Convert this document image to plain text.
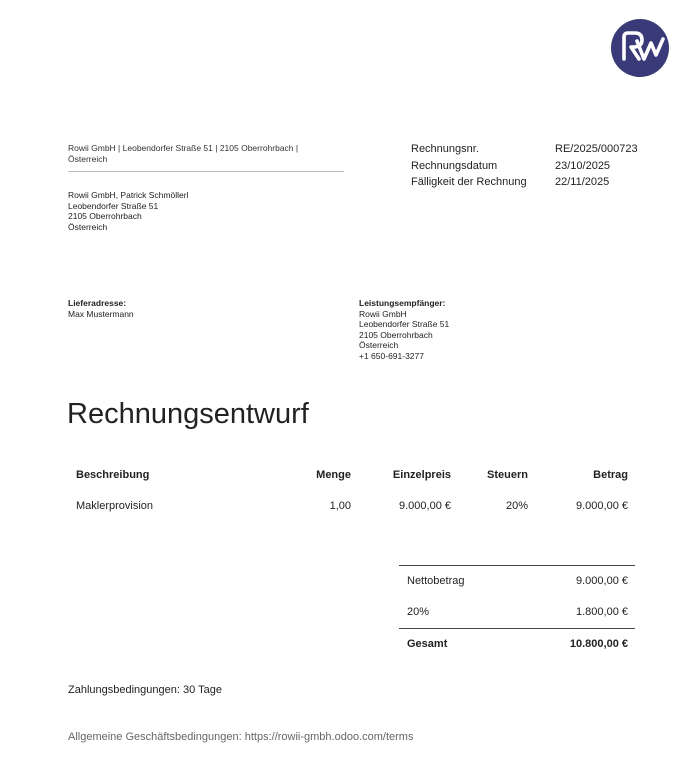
Rowii GmbH | Leobendorfer Straße 51 | 2105 Oberrohrbach |
Österreich
Rowii GmbH, Patrick Schmöllerl
Leobendorfer Straße 51
2105 Oberrohrbach
Österreich
Rechnungsnr.	RE/2025/000723
Rechnungsdatum	23/10/2025
Fälligkeit der Rechnung	22/11/2025
Lieferadresse:
Max Mustermann
Leistungsempfänger:
Rowii GmbH
Leobendorfer Straße 51
2105 Oberrohrbach
Österreich
+1 650-691-3277
Rechnungsentwurf
Beschreibung	Menge	Einzelpreis	Steuern	Betrag
Maklerprovision	1,00	9.000,00 €	20%	9.000,00 €
Nettobetrag	9.000,00 €
20%	1.800,00 €
Gesamt	10.800,00 €
Zahlungsbedingungen: 30 Tage
Allgemeine Geschäftsbedingungen: https://rowii-gmbh.odoo.com/terms
